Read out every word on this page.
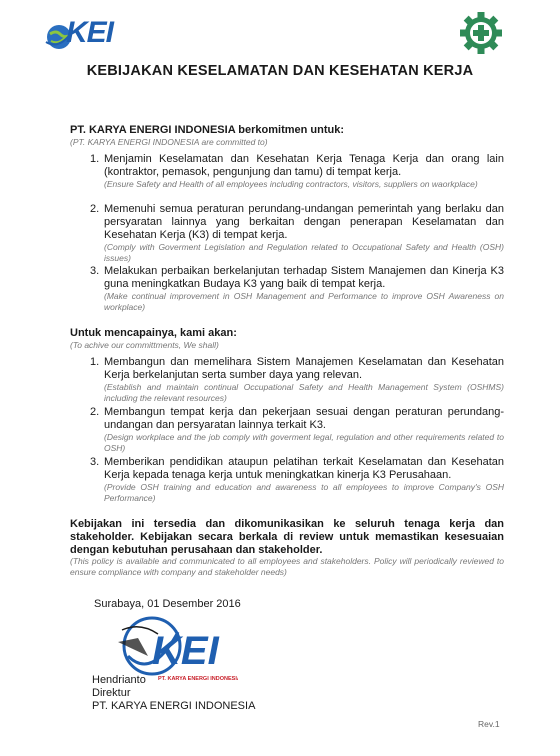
KEI
KEBIJAKAN KESELAMATAN DAN KESEHATAN KERJA
PT. KARYA ENERGI INDONESIA berkomitmen untuk:
(PT. KARYA ENERGI INDONESIA are committed to)
1. Menjamin Keselamatan dan Kesehatan Kerja Tenaga Kerja dan orang lain (kontraktor, pemasok, pengunjung dan tamu) di tempat kerja.
(Ensure Safety and Health of all employees including contractors, visitors, suppliers on waorkplace)
2. Memenuhi semua peraturan perundang-undangan pemerintah yang berlaku dan persyaratan lainnya yang berkaitan dengan penerapan Keselamatan dan Kesehatan Kerja (K3) di tempat kerja.
(Comply with Goverment Legislation and Regulation related to Occupational Safety and Health (OSH) issues)
3. Melakukan perbaikan berkelanjutan terhadap Sistem Manajemen dan Kinerja K3 guna meningkatkan Budaya K3 yang baik di tempat kerja.
(Make continual improvement in OSH Management and Performance to improve OSH Awareness on workplace)
Untuk mencapainya, kami akan:
(To achive our committments, We shall)
1. Membangun dan memelihara Sistem Manajemen Keselamatan dan Kesehatan Kerja berkelanjutan serta sumber daya yang relevan.
(Establish and maintain continual Occupational Safety and Health Management System (OSHMS) including the relevant resources)
2. Membangun tempat kerja dan pekerjaan sesuai dengan peraturan perundang-undangan dan persyaratan lainnya terkait K3.
(Design workplace and the job comply with goverment legal, regulation and other requirements related to OSH)
3. Memberikan pendidikan ataupun pelatihan terkait Keselamatan dan Kesehatan Kerja kepada tenaga kerja untuk meningkatkan kinerja K3 Perusahaan.
(Provide OSH training and education and awareness to all employees to improve Company's OSH Performance)
Kebijakan ini tersedia dan dikomunikasikan ke seluruh tenaga kerja dan stakeholder. Kebijakan secara berkala di review untuk memastikan kesesuaian dengan kebutuhan perusahaan dan stakeholder.
(This policy is available and communicated to all employees and stakeholders. Policy will periodically reviewed to ensure compliance with company and stakeholder needs)
Surabaya, 01 Desember 2016
KEI
PT. KARYA ENERGI INDONESIA
Hendrianto
Direktur
PT. KARYA ENERGI INDONESIA
Rev.1
